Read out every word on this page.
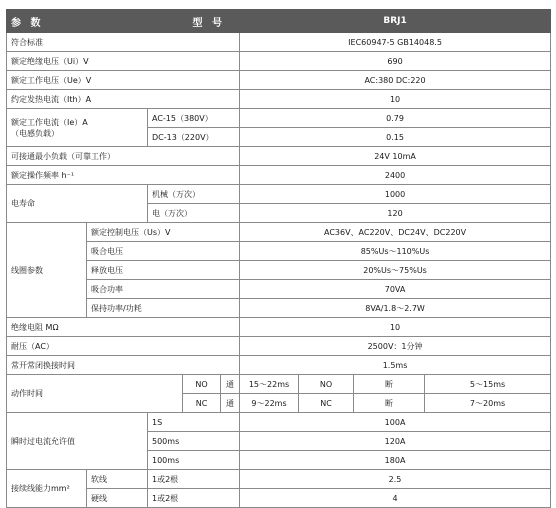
参 数			型 号		BRJ1			
符合标准					IEC60947-5 GB14048.5			
额定绝缘电压（Ui）V					690			
额定工作电压（Ue）V					AC:380 DC:220			
约定发热电流（Ith）A					10			

额定工作电流（Ie）A
（电感负载）		AC-15（380V）			0.79			
		DC-13（220V）			0.15			
可接通最小负载（可靠工作）					24V 10mA			
额定操作频率 h⁻¹					2400			
电寿命		机械（万次）			1000			
		电（万次）			120			
线圈参数	额定控制电压（Us）V				AC36V、AC220V、DC24V、DC220V			
	吸合电压				85%Us～110%Us			
	释放电压				20%Us～75%Us			
	吸合功率				70VA			
	保持功率/功耗				8VA/1.8～2.7W			
绝缘电阻 MΩ					10			
耐压（AC）					2500V：1分钟			
常开常闭换接时间					1.5ms			
动作时间			NO	通	15～22ms	NO	断	5～15ms
			NC	通	9～22ms	NC	断	7～20ms
瞬时过电流允许值		1S			100A			
		500ms			120A			
		100ms			180A			
接续线能力mm²	软线	1或2根			2.5			
	硬线	1或2根			4			
